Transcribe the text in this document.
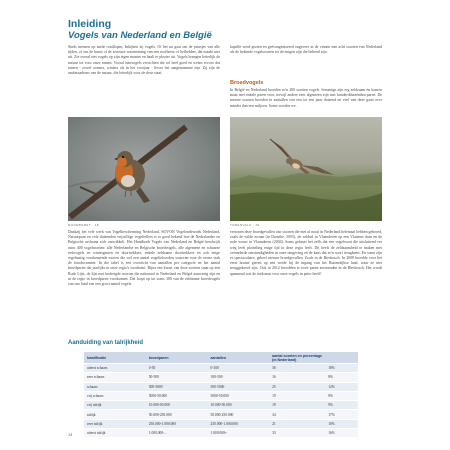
Inleiding
Vogels van Nederland en België
Sinds mensen op aarde rondlopen, bekijken zij vogels. Of het nu gaat om de prinsjes van alle tijden, of om de kunst of de serieuze waarneming van een roofbeest of liefhebber, dat maakt niet uit. Zie overal ziet vogels op zijn eigen manier en haalt er plezier uit. Vogels brengen letterlijk de natuur tot voor onze ramen. Vooral tuinvogels verrichten die rol heel goed en weten ervoor dat tuinen - zowel zomers, winters als in het voorjaar - liever het aangenaamste zijn. Zij zijn de ambassadeurs van de natuur, die letterlijk voor de deur staat.
kapelle werd gezien en geëvangeniseerd ongeveer in de vinnen met acht soorten van Nederland als de bekende vogelsoorten tot de enigen zijn die bekend zijn.
Broedvogels
In België en Nederland broeden zo'n 200 soorten vogels. Sommige zijn erg zeldzaam en komen maar met enkele paren voor, terwijl andere zeer algemeen zijn met honderdduizenden paren. De meeste soorten broeden in aantallen van een tot een paar duizend en veel van deze gaan over minder dan een miljoen. Soms worden we.
ROODBORST · 18	TORENVALK · 19
Dankzij het vele werk van Vogelbescherming Nederland, SOVON Vogelonderzoek Nederland, Natuurpunt en vele duizenden vrijwillige vogeltellers is er goed bekend hoe de Nederlandse en Belgische avifauna zich ontwikkelt. Het Handboek Vogels van Nederland en België beschrijft ruim 400 vogelsoorten: alle Nederlandse en Belgische broedvogels, alle algemene en schaarse trekvogels en wintergasten en doortrekkers, enkele zeldzame doortrekkers en ook enige regelmatig voorkomende exoten die wel een aantal vogelteloorden waarvan voor de eerste stuk de fotodocument. In die tabel is een overzicht van aantallen per categorie en het aantal broedparen dat jaarlijks in onze regio's voorkomt. Bijna een kwart van deze soorten staat op een Rode Lijst, de lijst met bedreigde soorten die nationaal in Nederland en België aanwezig zijn en in de regio in broedparen voorkomen. Dat loopt op tot soms 300 van de zeldzame broedvogels van ons land van een groot aantal vogels.
vertonen deze broedgevallen van soorten die niet al nooit in Nederland helemaal hebben gebroed, zoals de wilde zwaan (in Drenthe, 2005), de velduil in Vlaanderen op een Vlaamse duin en de rode wouw in Vlaanderen (2004). Soms gebeurt het zelfs dat een vogelsoort die uitsluitend ver weg leeft plotseling enige tijd in deze regio leeft. Dit heeft de zeldzaamheid te maken met veranderde omstandigheden in onze omgeving en de kans dat zo'n soort terugkeert. En soms zijn er spectaculaire, geheel nieuwe broedgevallen. Zoals in de Biesbosch. In 2008 broedde voor het eerst bruine gieren op een weide bij de ingang van het Buitendijkse land, waar ze niet teruggekeerd zijn. Ook in 2012 broedden er twee paren zeearenden in de Biesbosch. Het wordt spannend wat de toekomst voor onze vogels in petto heeft!
Aanduiding van talrijkheid
kwalificatie	broedparen	aantallen	aantal soorten en percentage (in Nederland)	
uiterst schaars	0-50	0-100	36	18%
zeer schaars	50-500	100-500	16	8%
schaars	500-5000	500-5000	25	12%
vrij schaars	5000-50.000	5000-50.000	19	9%
vrij talrijk	10.000-50.000	10.000-50.000	19	9%
talrijk	50.000-250.000	50.000-250.000	34	17%
zeer talrijk	250.000-1.000.000	250.000-1.000.000	21	10%
uiterst talrijk	1.000.000-...	1.000.000+	33	16%
14
